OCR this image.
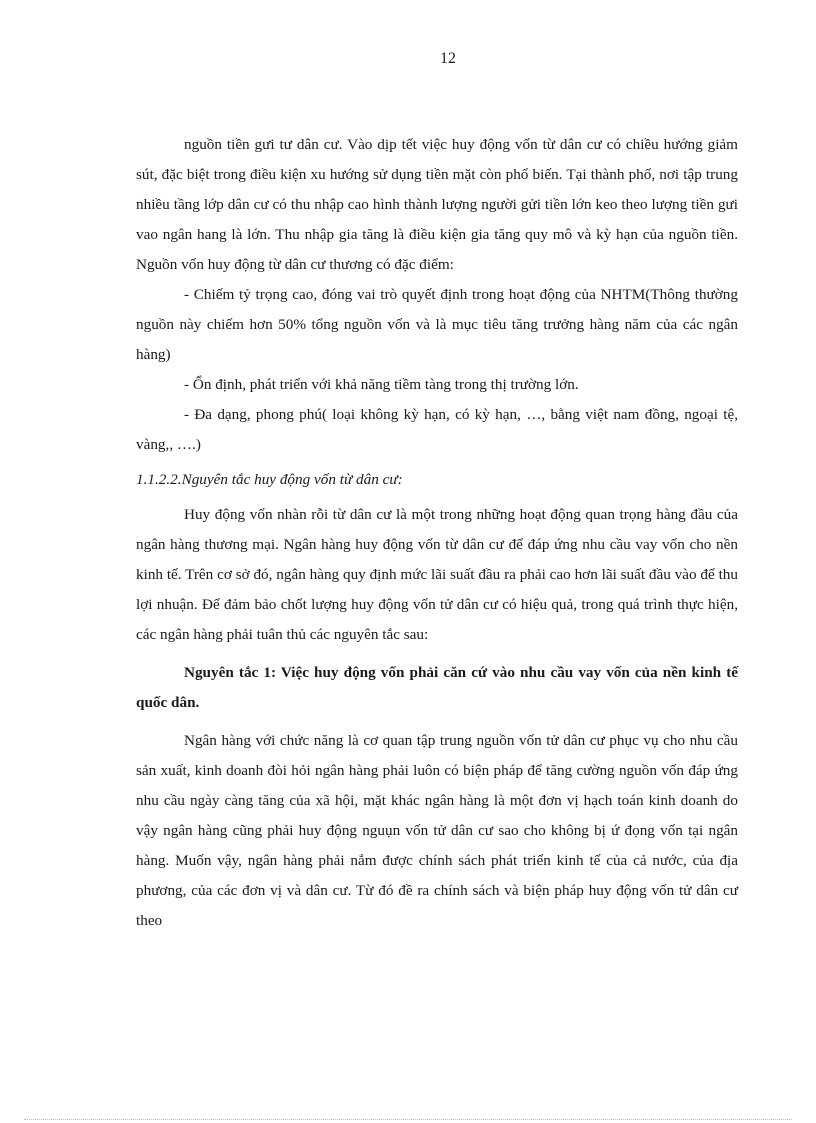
12

nguồn tiền gưi tư dân cư. Vào dịp tết việc huy động vốn từ dân cư có chiều hướng giảm sút, đặc biệt trong điều kiện xu hướng sử dụng tiền mặt còn phổ biến. Tại thành phố, nơi tập trung nhiều tầng lớp dân cư có thu nhập cao hình thành lượng người gửi tiền lớn keo theo lượng tiền gưi vao ngân hang là lớn. Thu nhập gia tăng là điều kiện gia tăng quy mô và kỳ hạn của nguồn tiền. Nguồn vốn huy động từ dân cư thương có đặc điểm:

- Chiếm tỷ trọng cao, đóng vai trò quyết định trong hoạt động của NHTM(Thông thường nguồn này chiếm hơn 50% tổng nguồn vốn và là mục tiêu tăng trưởng hàng năm của các ngân hàng)

- Ổn định, phát triển với khả năng tiềm tàng trong thị trường lớn.

- Đa dạng, phong phú( loại không kỳ hạn, có kỳ hạn, …, bằng việt nam đồng, ngoại tệ, vàng,, ….)

1.1.2.2.Nguyên tắc huy động vốn từ dân cư:

Huy động vốn nhàn rỗi từ dân cư là một trong những hoạt động quan trọng hàng đầu của ngân hàng thương mại. Ngân hàng huy động vốn từ dân cư để đáp ứng nhu cầu vay vốn cho nền kinh tế. Trên cơ sở đó, ngân hàng quy định mức lãi suất đầu ra phải cao hơn lãi suất đầu vào để thu lợi nhuận. Để đảm bảo chốt lượng huy động vốn tử dân cư có hiệu quả, trong quá trình thực hiện, các ngân hàng phải tuân thủ các nguyên tắc sau:

Nguyên tắc 1: Việc huy động vốn phải căn cứ vào nhu cầu vay vốn của nền kinh tế quốc dân.

Ngân hàng với chức năng là cơ quan tập trung nguồn vốn tử dân cư phục vụ cho nhu cầu sản xuất, kinh doanh đòi hỏi ngân hàng phải luôn có biện pháp để tăng cường nguồn vốn đáp ứng nhu cầu ngày càng tăng của xã hội, mặt khác ngân hàng là một đơn vị hạch toán kinh doanh do vậy ngân hàng cũng phải huy động nguụn vốn tử dân cư sao cho không bị ứ đọng vốn tại ngân hàng. Muốn vậy, ngân hàng phải nắm được chính sách phát triển kinh tế của cả nước, của địa phương, của các đơn vị và dân cư. Từ đó đề ra chính sách và biện pháp huy động vốn tử dân cư theo
